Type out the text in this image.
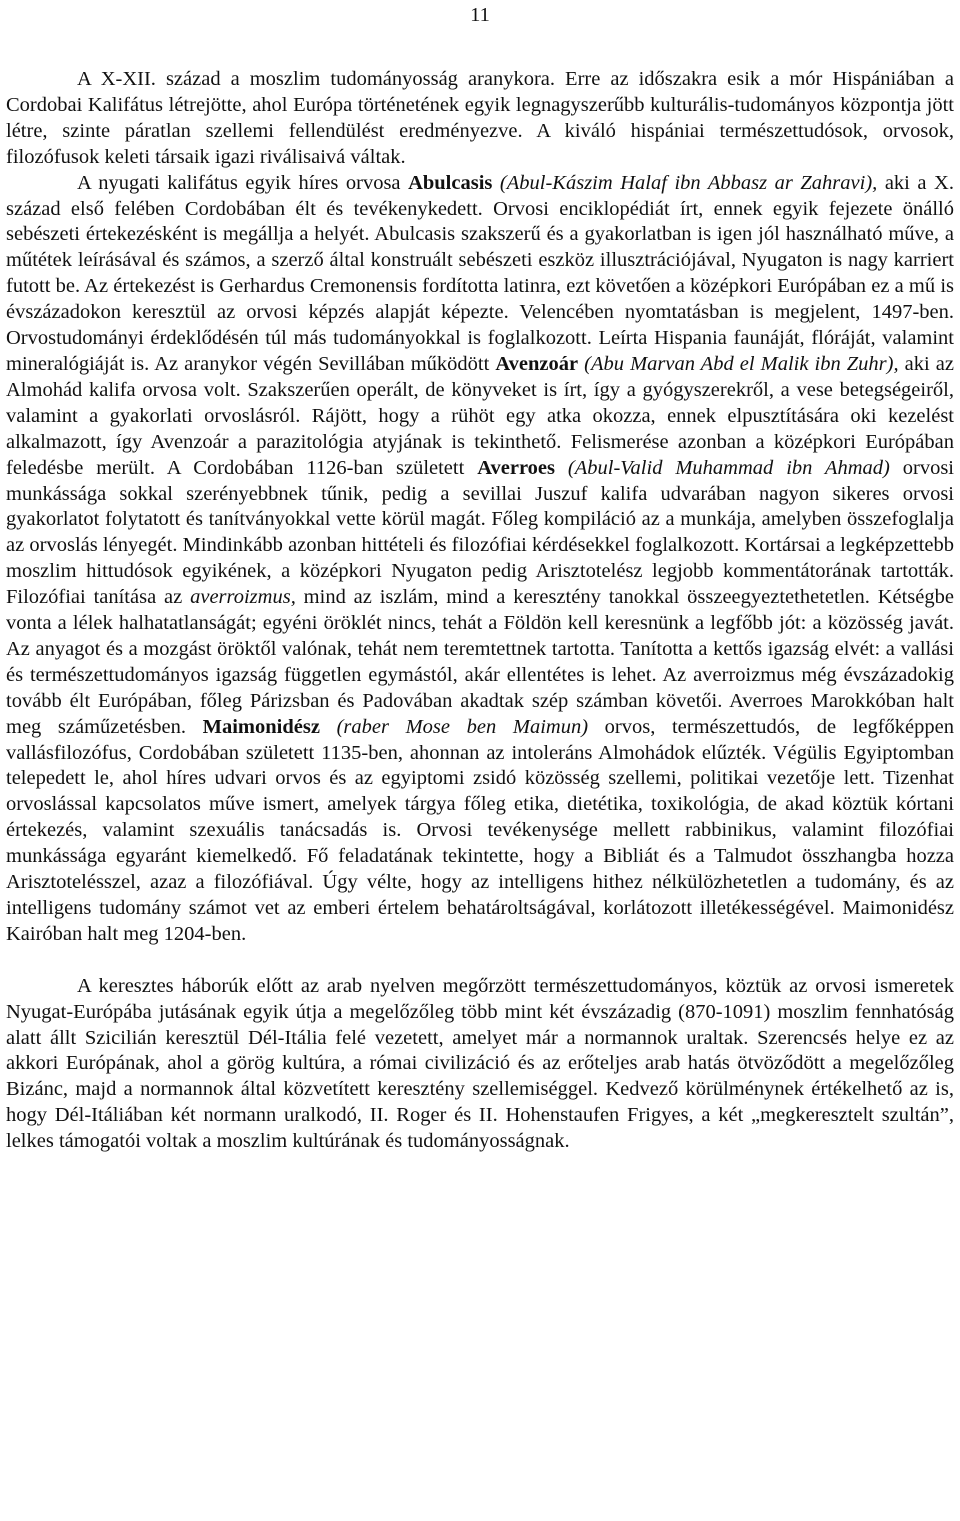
11

A X-XII. század a moszlim tudományosság aranykora. Erre az időszakra esik a mór Hispániában a Cordobai Kalifátus létrejötte, ahol Európa történetének egyik legnagyszerűbb kulturális-tudományos központja jött létre, szinte páratlan szellemi fellendülést eredményezve. A kiváló hispániai természettudósok, orvosok, filozófusok keleti társaik igazi riválisaivá váltak.

A nyugati kalifátus egyik híres orvosa Abulcasis (Abul-Kászim Halaf ibn Abbasz ar Zahravi), aki a X. század első felében Cordobában élt és tevékenykedett. Orvosi enciklopédiát írt, ennek egyik fejezete önálló sebészeti értekezésként is megállja a helyét. Abulcasis szakszerű és a gyakorlatban is igen jól használható műve, a műtétek leírásával és számos, a szerző által konstruált sebészeti eszköz illusztrációjával, Nyugaton is nagy karriert futott be. Az értekezést is Gerhardus Cremonensis fordította latinra, ezt követően a középkori Európában ez a mű is évszázadokon keresztül az orvosi képzés alapját képezte. Velencében nyomtatásban is megjelent, 1497-ben. Orvostudományi érdeklődésén túl más tudományokkal is foglalkozott. Leírta Hispania faunáját, flóráját, valamint mineralógiáját is. Az aranykor végén Sevillában működött Avenzoár (Abu Marvan Abd el Malik ibn Zuhr), aki az Almohád kalifa orvosa volt. Szakszerűen operált, de könyveket is írt, így a gyógyszerekről, a vese betegségeiről, valamint a gyakorlati orvoslásról. Rájött, hogy a rühöt egy atka okozza, ennek elpusztítására oki kezelést alkalmazott, így Avenzoár a parazitológia atyjának is tekinthető. Felismerése azonban a középkori Európában feledésbe merült. A Cordobában 1126-ban született Averroes (Abul-Valid Muhammad ibn Ahmad) orvosi munkássága sokkal szerényebbnek tűnik, pedig a sevillai Juszuf kalifa udvarában nagyon sikeres orvosi gyakorlatot folytatott és tanítványokkal vette körül magát. Főleg kompiláció az a munkája, amelyben összefoglalja az orvoslás lényegét. Mindinkább azonban hittételi és filozófiai kérdésekkel foglalkozott. Kortársai a legképzettebb moszlim hittudósok egyikének, a középkori Nyugaton pedig Arisztotelész legjobb kommentátorának tartották. Filozófiai tanítása az averroizmus, mind az iszlám, mind a keresztény tanokkal összeegyeztethetetlen. Kétségbe vonta a lélek halhatatlanságát; egyéni öröklét nincs, tehát a Földön kell keresnünk a legfőbb jót: a közösség javát. Az anyagot és a mozgást öröktől valónak, tehát nem teremtettnek tartotta. Tanította a kettős igazság elvét: a vallási és természettudományos igazság független egymástól, akár ellentétes is lehet. Az averroizmus még évszázadokig tovább élt Európában, főleg Párizsban és Padovában akadtak szép számban követői. Averroes Marokkóban halt meg száműzetésben. Maimonidész (raber Mose ben Maimun) orvos, természettudós, de legfőképpen vallásfilozófus, Cordobában született 1135-ben, ahonnan az intoleráns Almohádok elűzték. Végülis Egyiptomban telepedett le, ahol híres udvari orvos és az egyiptomi zsidó közösség szellemi, politikai vezetője lett. Tizenhat orvoslással kapcsolatos műve ismert, amelyek tárgya főleg etika, dietétika, toxikológia, de akad köztük kórtani értekezés, valamint szexuális tanácsadás is. Orvosi tevékenysége mellett rabbinikus, valamint filozófiai munkássága egyaránt kiemelkedő. Fő feladatának tekintette, hogy a Bibliát és a Talmudot összhangba hozza Arisztotelésszel, azaz a filozófiával. Úgy vélte, hogy az intelligens hithez nélkülözhetetlen a tudomány, és az intelligens tudomány számot vet az emberi értelem behatároltságával, korlátozott illetékességével. Maimonidész Kairóban halt meg 1204-ben.

A keresztes háborúk előtt az arab nyelven megőrzött természettudományos, köztük az orvosi ismeretek Nyugat-Európába jutásának egyik útja a megelőzőleg több mint két évszázadig (870-1091) moszlim fennhatóság alatt állt Szicilián keresztül Dél-Itália felé vezetett, amelyet már a normannok uraltak. Szerencsés helye ez az akkori Európának, ahol a görög kultúra, a római civilizáció és az erőteljes arab hatás ötvöződött a megelőzőleg Bizánc, majd a normannok által közvetített keresztény szellemiséggel. Kedvező körülménynek értékelhető az is, hogy Dél-Itáliában két normann uralkodó, II. Roger és II. Hohenstaufen Frigyes, a két „megkeresztelt szultán”, lelkes támogatói voltak a moszlim kultúrának és tudományosságnak.
